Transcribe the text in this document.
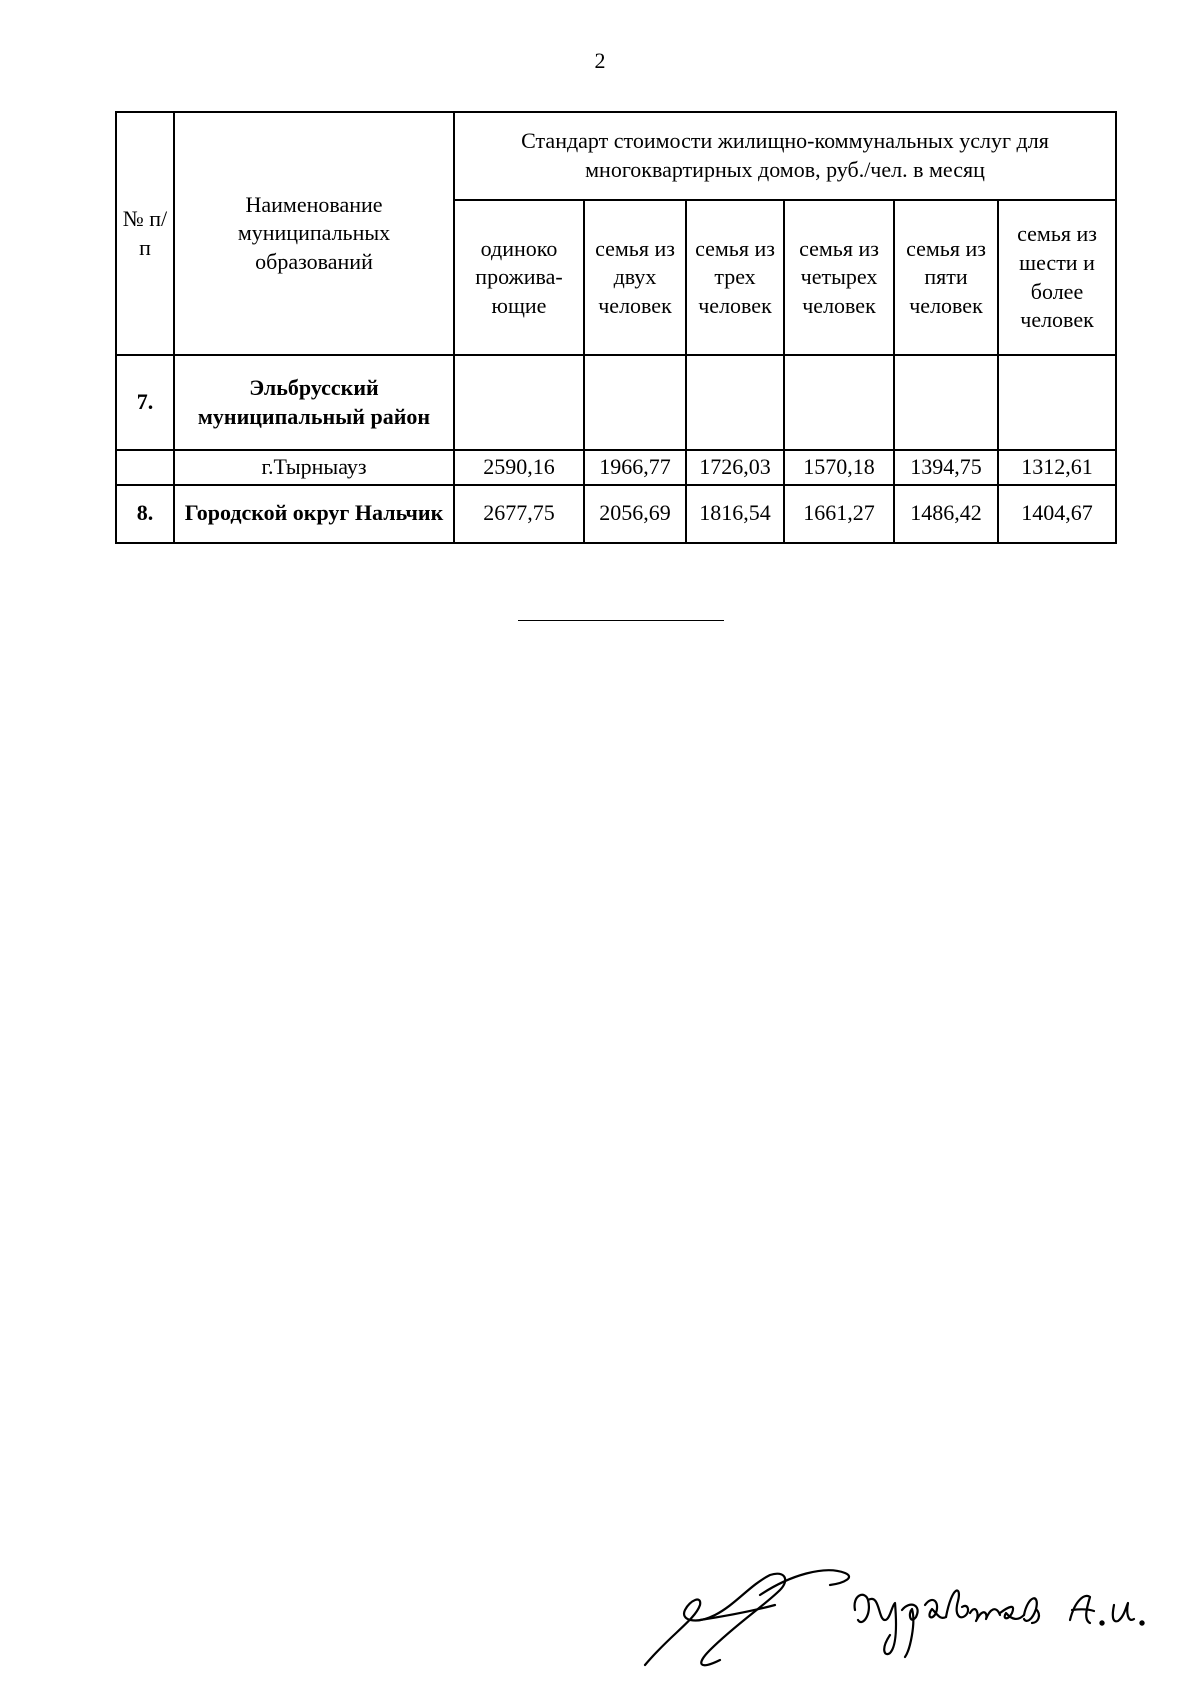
2
№ п/п	Наименование муниципальных образований	Стандарт стоимости жилищно-коммунальных услуг для многоквартирных домов, руб./чел. в месяц					
		одиноко прожива-ющие	семья из двух человек	семья из трех человек	семья из четырех человек	семья из пяти человек	семья из шести и более человек
7.	Эльбрусский муниципальный район						
	г.Тырныауз	2590,16	1966,77	1726,03	1570,18	1394,75	1312,61
8.	Городской округ Нальчик	2677,75	2056,69	1816,54	1661,27	1486,42	1404,67
